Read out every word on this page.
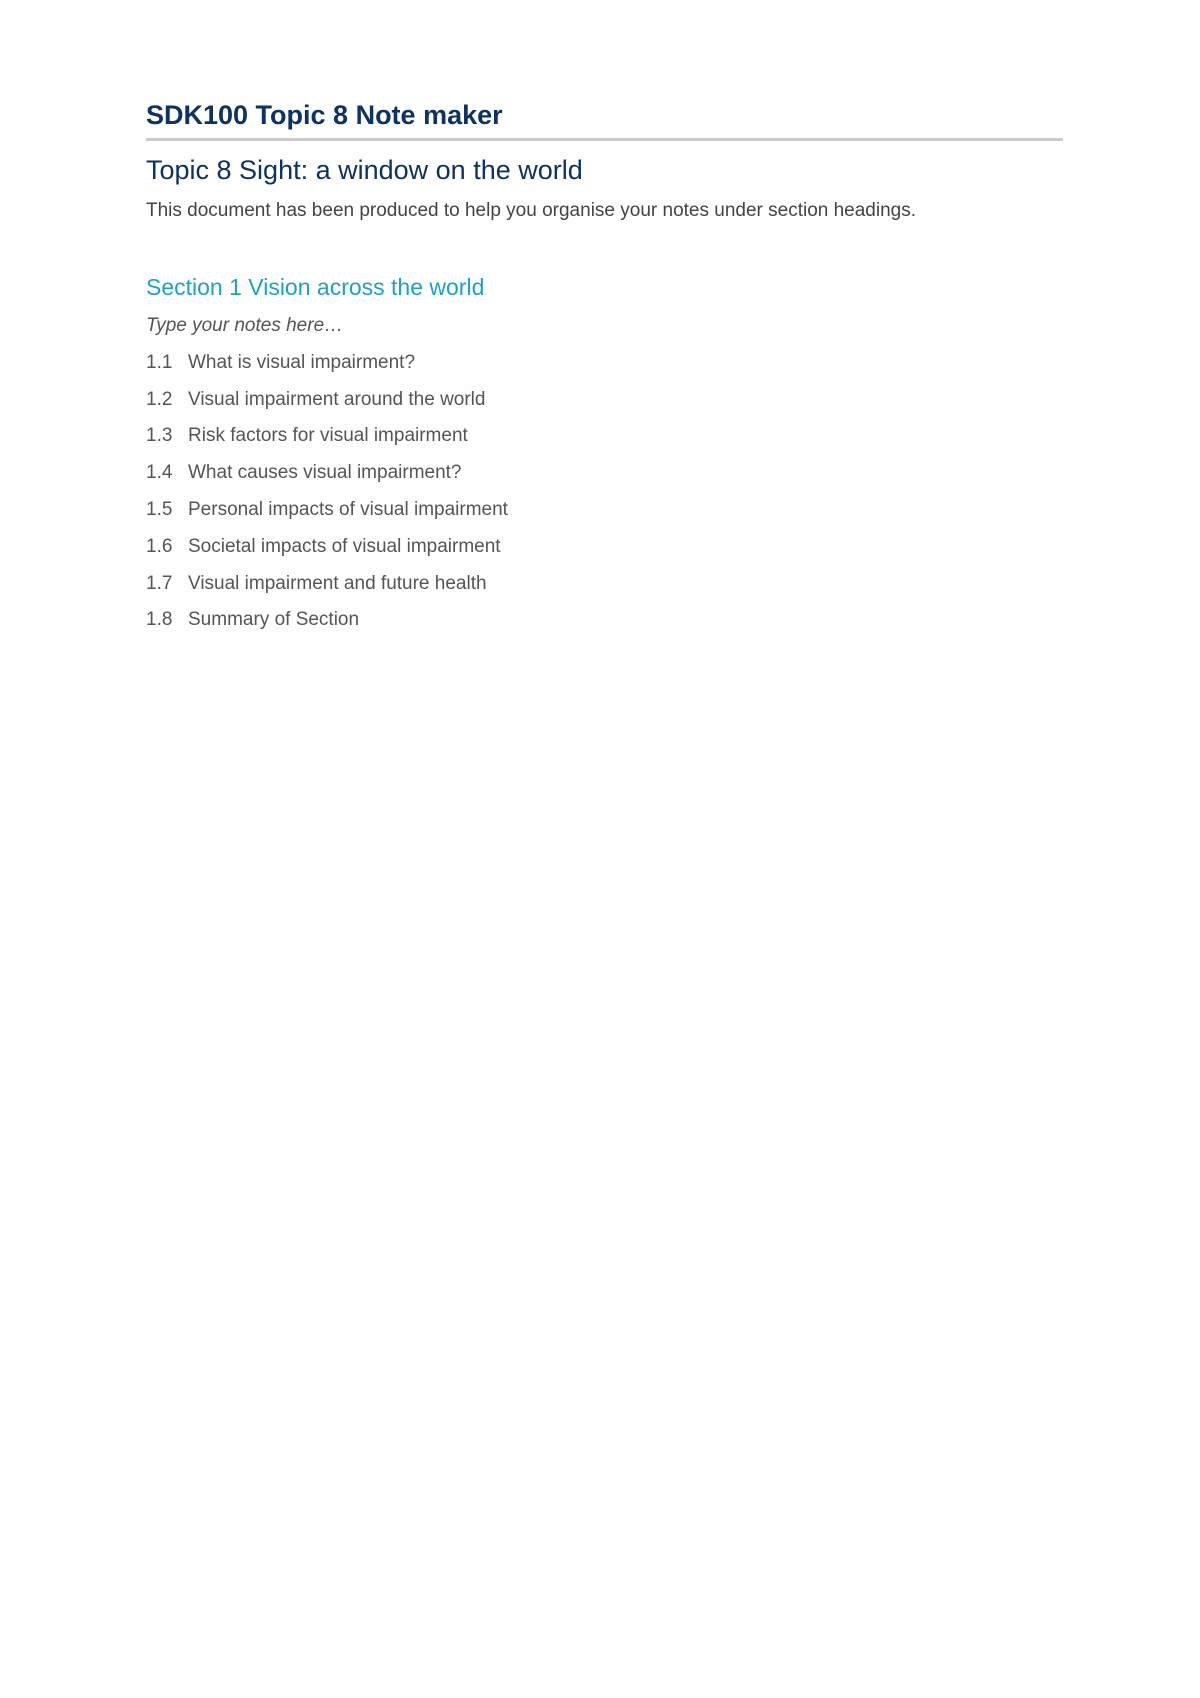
SDK100 Topic 8 Note maker
Topic 8 Sight: a window on the world
This document has been produced to help you organise your notes under section headings.
Section 1 Vision across the world
Type your notes here…
1.1 What is visual impairment?
1.2 Visual impairment around the world
1.3 Risk factors for visual impairment
1.4 What causes visual impairment?
1.5 Personal impacts of visual impairment
1.6 Societal impacts of visual impairment
1.7 Visual impairment and future health
1.8 Summary of Section
